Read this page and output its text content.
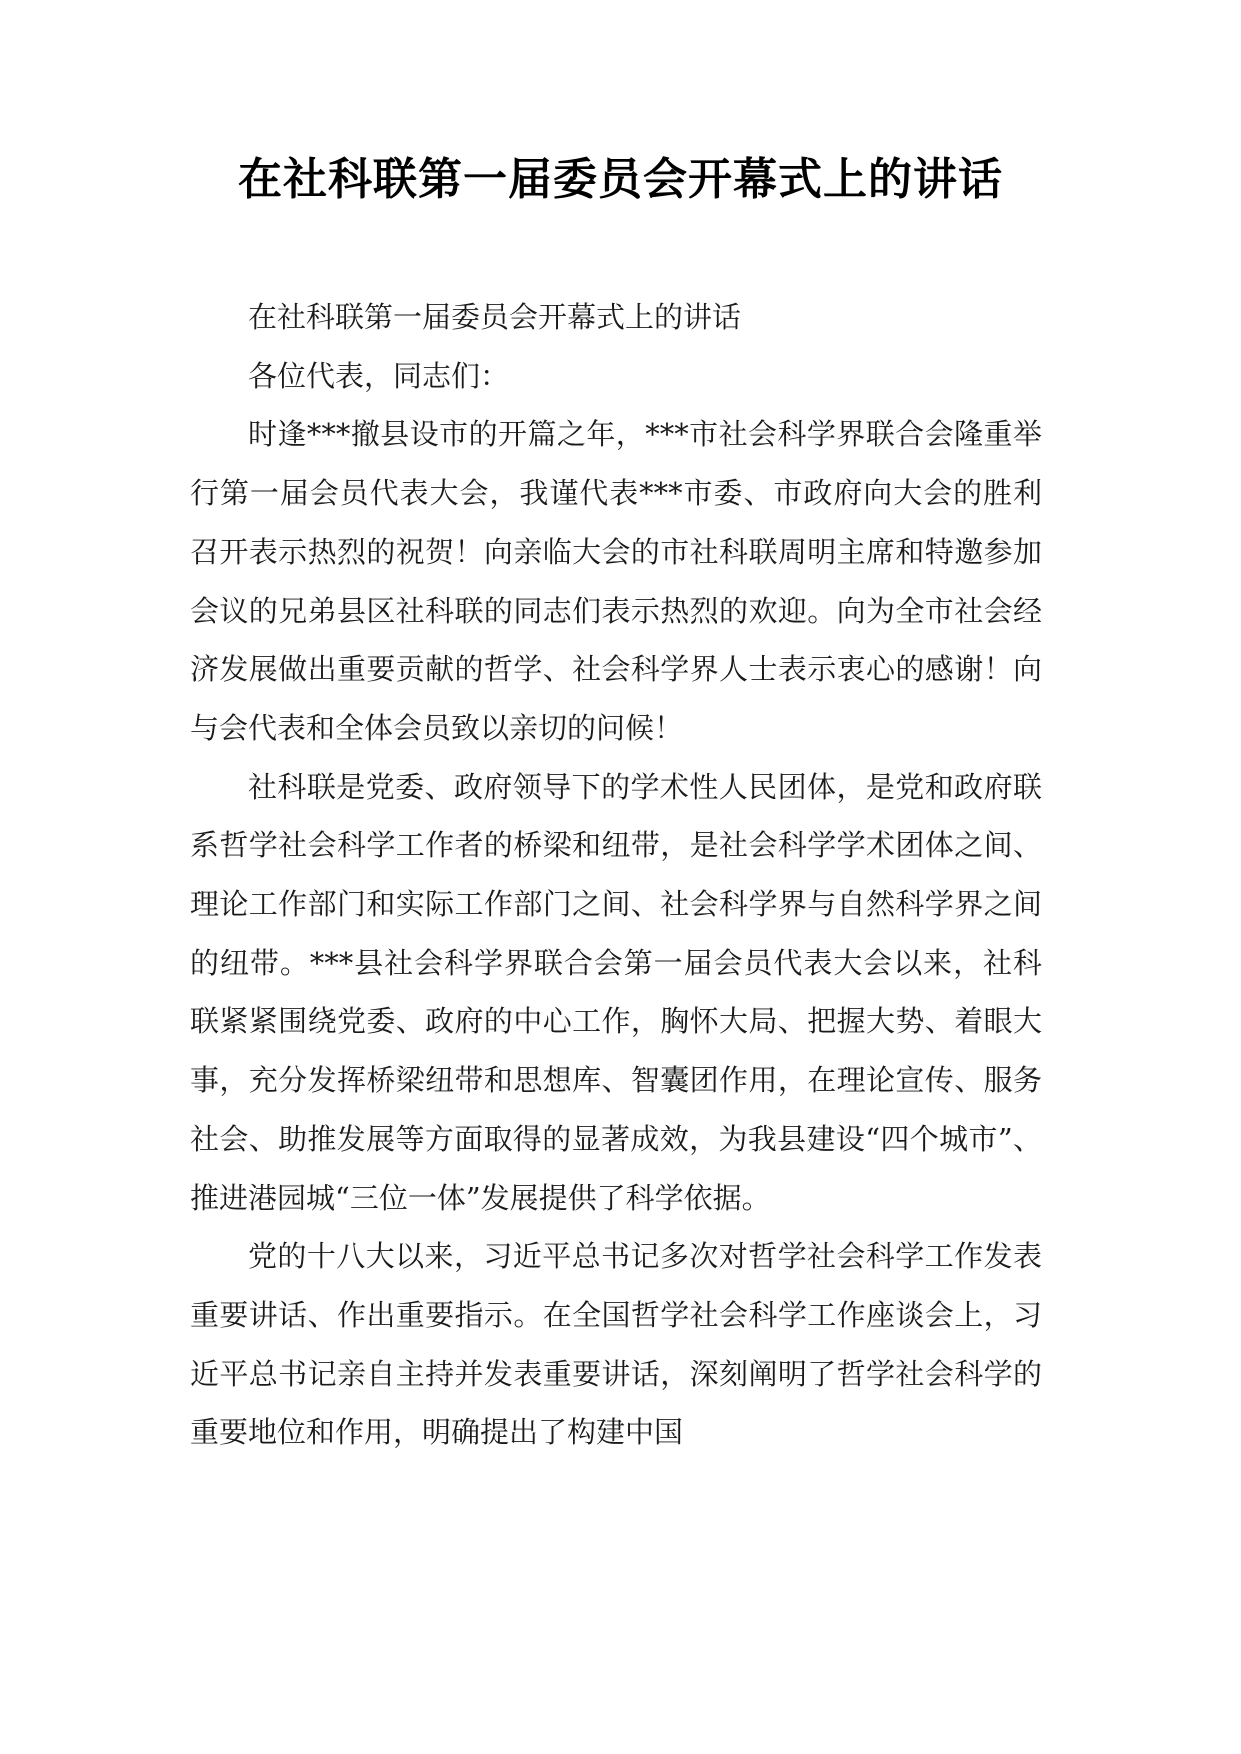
在社科联第一届委员会开幕式上的讲话

在社科联第一届委员会开幕式上的讲话

各位代表，同志们：

时逢***撤县设市的开篇之年，***市社会科学界联合会隆重举行第一届会员代表大会，我谨代表***市委、市政府向大会的胜利召开表示热烈的祝贺！向亲临大会的市社科联周明主席和特邀参加会议的兄弟县区社科联的同志们表示热烈的欢迎。向为全市社会经济发展做出重要贡献的哲学、社会科学界人士表示衷心的感谢！向与会代表和全体会员致以亲切的问候！

社科联是党委、政府领导下的学术性人民团体，是党和政府联系哲学社会科学工作者的桥梁和纽带，是社会科学学术团体之间、理论工作部门和实际工作部门之间、社会科学界与自然科学界之间的纽带。***县社会科学界联合会第一届会员代表大会以来，社科联紧紧围绕党委、政府的中心工作，胸怀大局、把握大势、着眼大事，充分发挥桥梁纽带和思想库、智囊团作用，在理论宣传、服务社会、助推发展等方面取得的显著成效，为我县建设“四个城市”、推进港园城“三位一体”发展提供了科学依据。

党的十八大以来，习近平总书记多次对哲学社会科学工作发表重要讲话、作出重要指示。在全国哲学社会科学工作座谈会上，习近平总书记亲自主持并发表重要讲话，深刻阐明了哲学社会科学的重要地位和作用，明确提出了构建中国
